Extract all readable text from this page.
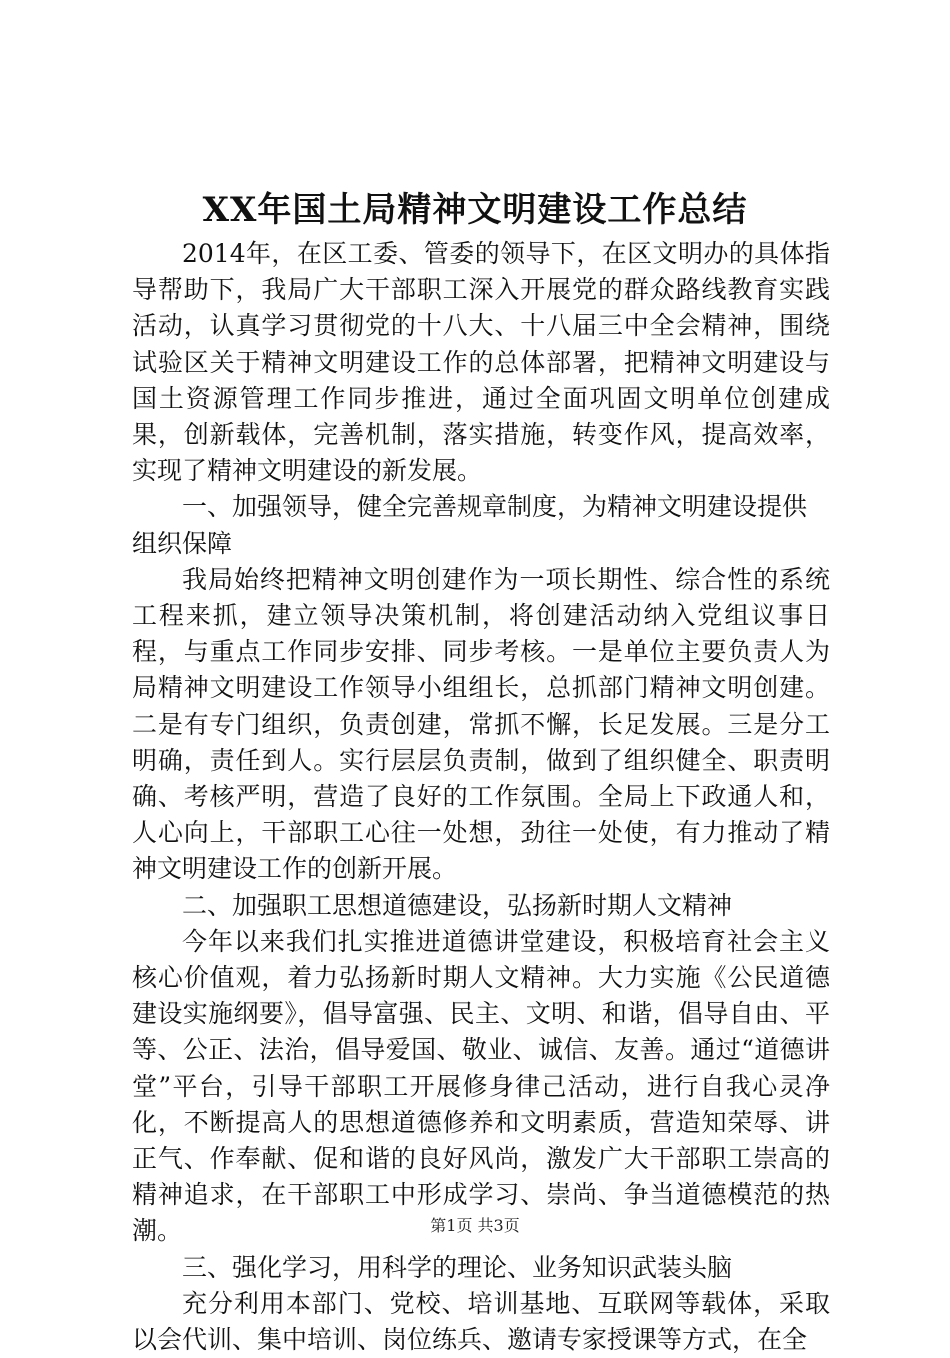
XX年国土局精神文明建设工作总结

2014年，在区工委、管委的领导下，在区文明办的具体指导帮助下，我局广大干部职工深入开展党的群众路线教育实践活动，认真学习贯彻党的十八大、十八届三中全会精神，围绕试验区关于精神文明建设工作的总体部署，把精神文明建设与国土资源管理工作同步推进，通过全面巩固文明单位创建成果，创新载体，完善机制，落实措施，转变作风，提高效率，实现了精神文明建设的新发展。

一、加强领导，健全完善规章制度，为精神文明建设提供组织保障

我局始终把精神文明创建作为一项长期性、综合性的系统工程来抓，建立领导决策机制，将创建活动纳入党组议事日程，与重点工作同步安排、同步考核。一是单位主要负责人为局精神文明建设工作领导小组组长，总抓部门精神文明创建。二是有专门组织，负责创建，常抓不懈，长足发展。三是分工明确，责任到人。实行层层负责制，做到了组织健全、职责明确、考核严明，营造了良好的工作氛围。全局上下政通人和，人心向上，干部职工心往一处想，劲往一处使，有力推动了精神文明建设工作的创新开展。

二、加强职工思想道德建设，弘扬新时期人文精神

今年以来我们扎实推进道德讲堂建设，积极培育社会主义核心价值观，着力弘扬新时期人文精神。大力实施《公民道德建设实施纲要》，倡导富强、民主、文明、和谐，倡导自由、平等、公正、法治，倡导爱国、敬业、诚信、友善。通过“道德讲堂”平台，引导干部职工开展修身律己活动，进行自我心灵净化，不断提高人的思想道德修养和文明素质，营造知荣辱、讲正气、作奉献、促和谐的良好风尚，激发广大干部职工崇高的精神追求，在干部职工中形成学习、崇尚、争当道德模范的热潮。

三、强化学习，用科学的理论、业务知识武装头脑

充分利用本部门、党校、培训基地、互联网等载体，采取以会代训、集中培训、岗位练兵、邀请专家授课等方式，在全

第1页 共3页
